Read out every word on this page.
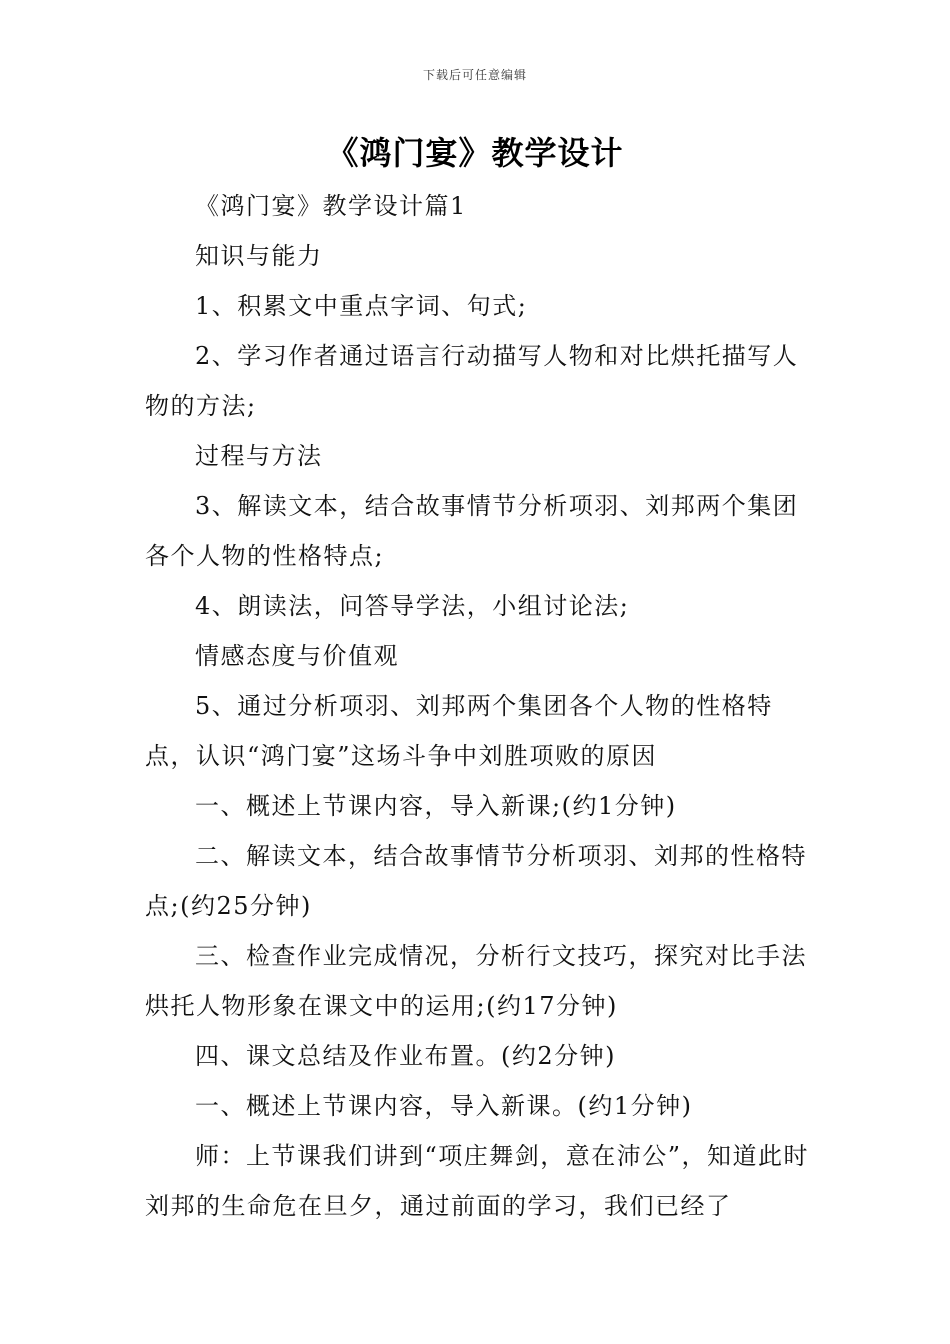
下载后可任意编辑
《鸿门宴》教学设计

《鸿门宴》教学设计篇1

知识与能力

1、积累文中重点字词、句式;

2、学习作者通过语言行动描写人物和对比烘托描写人物的方法;

过程与方法

3、解读文本，结合故事情节分析项羽、刘邦两个集团各个人物的性格特点;

4、朗读法，问答导学法，小组讨论法;

情感态度与价值观

5、通过分析项羽、刘邦两个集团各个人物的性格特点，认识“鸿门宴”这场斗争中刘胜项败的原因

一、概述上节课内容，导入新课;(约1分钟)

二、解读文本，结合故事情节分析项羽、刘邦的性格特点;(约25分钟)

三、检查作业完成情况，分析行文技巧，探究对比手法烘托人物形象在课文中的运用;(约17分钟)

四、课文总结及作业布置。(约2分钟)

一、概述上节课内容，导入新课。(约1分钟)

师：上节课我们讲到“项庄舞剑，意在沛公”，知道此时刘邦的生命危在旦夕，通过前面的学习，我们已经了
